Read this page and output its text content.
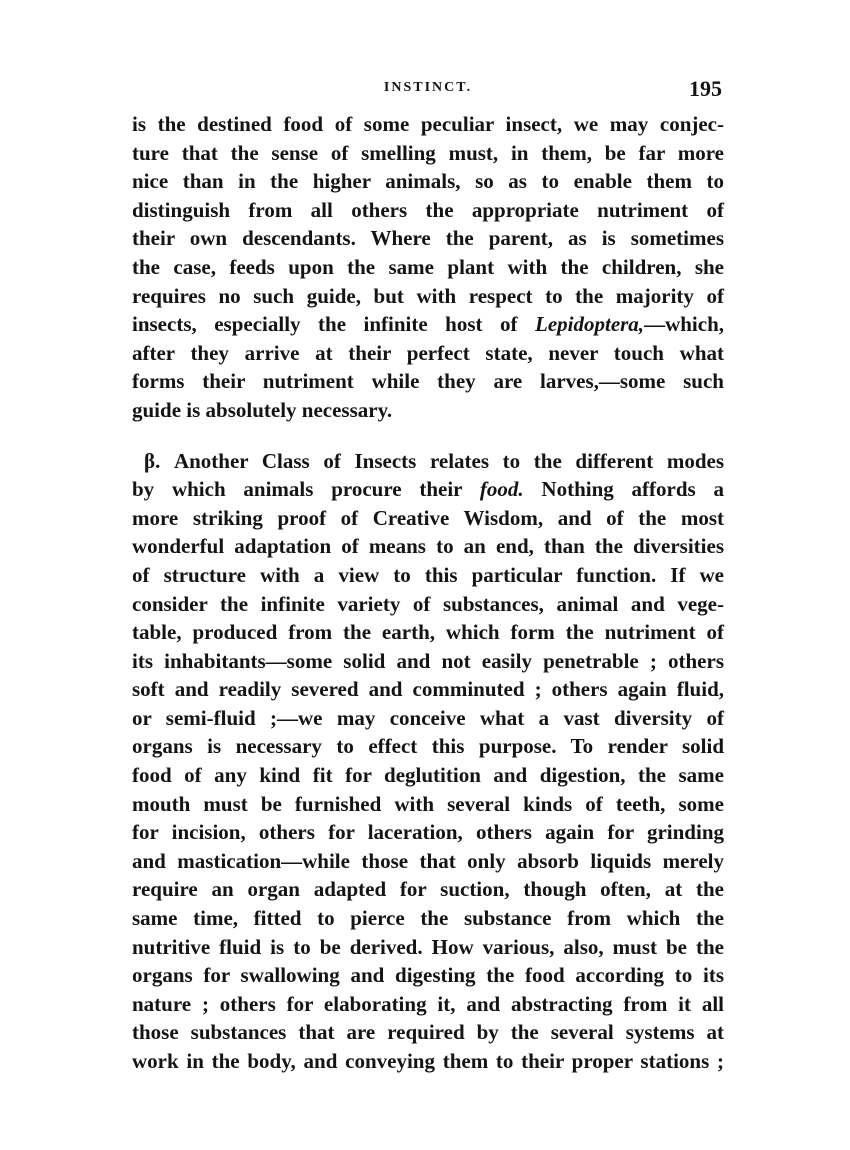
INSTINCT.	195

is the destined food of some peculiar insect, we may conjec-
ture that the sense of smelling must, in them, be far more
nice than in the higher animals, so as to enable them to
distinguish from all others the appropriate nutriment of
their own descendants. Where the parent, as is sometimes
the case, feeds upon the same plant with the children, she
requires no such guide, but with respect to the majority of
insects, especially the infinite host of Lepidoptera,—which,
after they arrive at their perfect state, never touch what
forms their nutriment while they are larves,—some such
guide is absolutely necessary.

β. Another Class of Insects relates to the different modes
by which animals procure their food. Nothing affords a
more striking proof of Creative Wisdom, and of the most
wonderful adaptation of means to an end, than the diversities
of structure with a view to this particular function. If we
consider the infinite variety of substances, animal and vege-
table, produced from the earth, which form the nutriment of
its inhabitants—some solid and not easily penetrable ; others
soft and readily severed and comminuted ; others again fluid,
or semi-fluid ;—we may conceive what a vast diversity of
organs is necessary to effect this purpose. To render solid
food of any kind fit for deglutition and digestion, the same
mouth must be furnished with several kinds of teeth, some
for incision, others for laceration, others again for grinding
and mastication—while those that only absorb liquids merely
require an organ adapted for suction, though often, at the
same time, fitted to pierce the substance from which the
nutritive fluid is to be derived. How various, also, must be the
organs for swallowing and digesting the food according to its
nature ; others for elaborating it, and abstracting from it all
those substances that are required by the several systems at
work in the body, and conveying them to their proper stations ;
